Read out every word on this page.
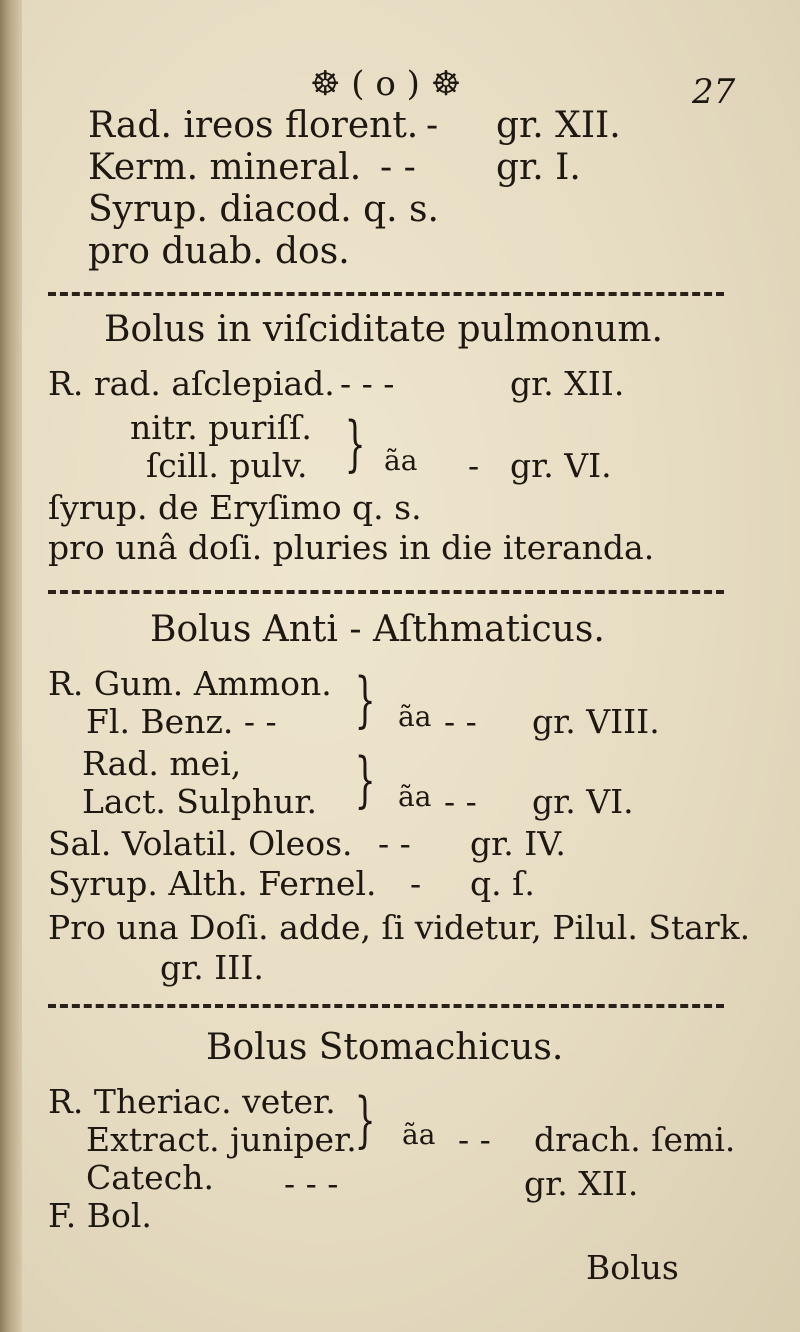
☸ ( o ) ☸	27
Rad. ireos florent. - gr. XII.
Kerm. mineral. - - gr. I.
Syrup. diacod. q. s.
pro duab. dos.
Bolus in viſciditate pulmonum.
R. rad. aſclepiad. - - -	gr. XII.
nitr. puriſſ. }
ſcill. pulv.	ãa - gr. VI.
ſyrup. de Eryſimo q. s.
pro unâ doſi. pluries in die iteranda.
Bolus Anti - Aſthmaticus.
R. Gum. Ammon. }
Fl. Benz. - -	ãa - - gr. VIII.
Rad. mei, }
Lact. Sulphur.	ãa - - gr. VI.
Sal. Volatil. Oleos. - - gr. IV.
Syrup. Alth. Fernel. - q. ſ.
Pro una Doſi. adde, ſi videtur, Pilul. Stark.
gr. III.
Bolus Stomachicus.
R. Theriac. veter. }
Extract. juniper. ãa - - drach. ſemi.
Catech. - - -	gr. XII.
F. Bol.
Bolus
